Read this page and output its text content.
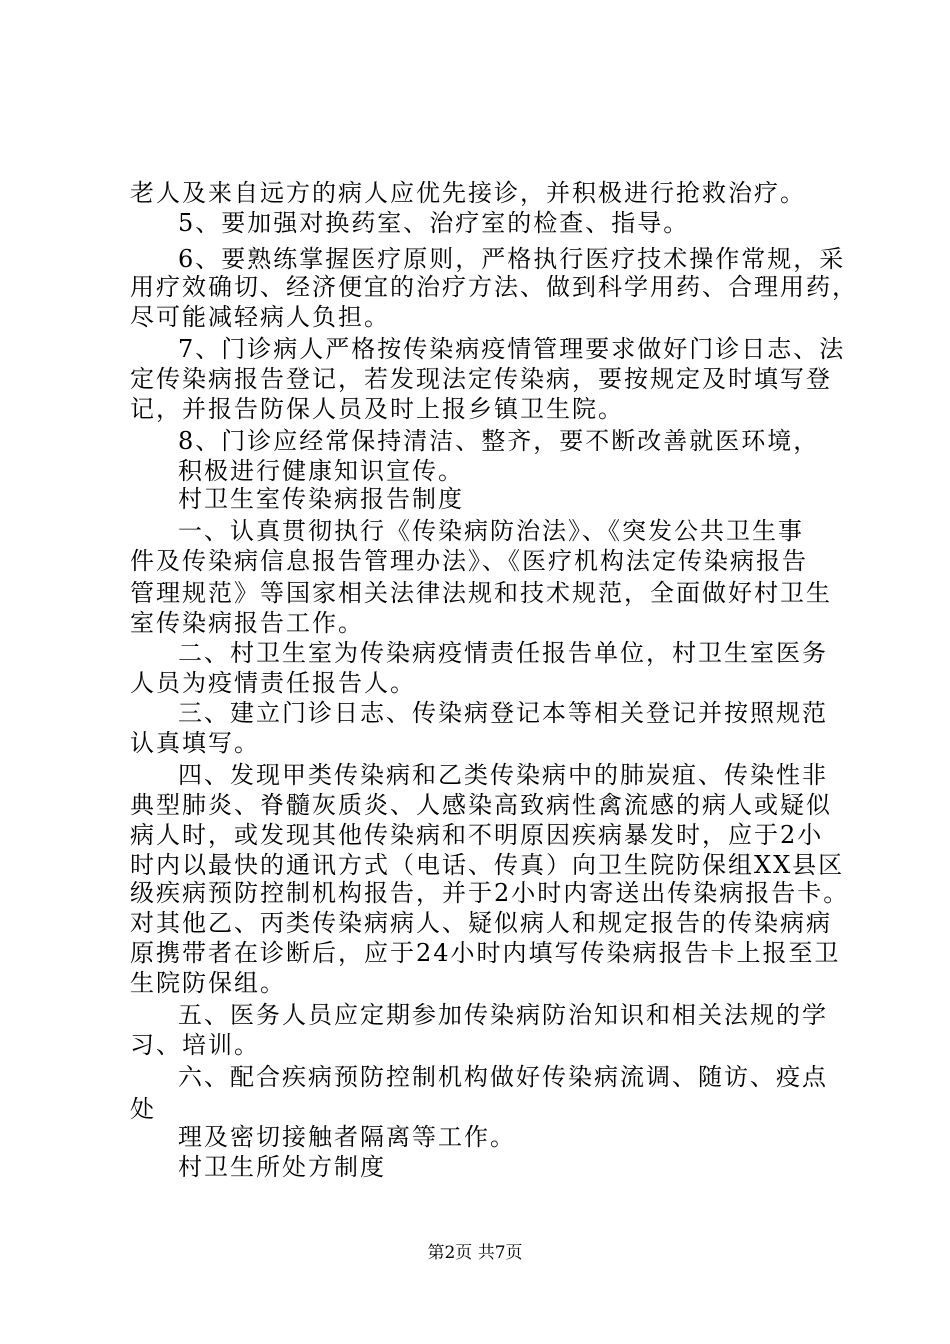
老人及来自远方的病人应优先接诊，并积极进行抢救治疗。
5、要加强对换药室、治疗室的检查、指导。
6、要熟练掌握医疗原则，严格执行医疗技术操作常规，采
用疗效确切、经济便宜的治疗方法、做到科学用药、合理用药，
尽可能减轻病人负担。
7、门诊病人严格按传染病疫情管理要求做好门诊日志、法
定传染病报告登记，若发现法定传染病，要按规定及时填写登
记，并报告防保人员及时上报乡镇卫生院。
8、门诊应经常保持清洁、整齐，要不断改善就医环境，
积极进行健康知识宣传。
村卫生室传染病报告制度
一、认真贯彻执行《传染病防治法》、《突发公共卫生事
件及传染病信息报告管理办法》、《医疗机构法定传染病报告
管理规范》等国家相关法律法规和技术规范，全面做好村卫生
室传染病报告工作。
二、村卫生室为传染病疫情责任报告单位，村卫生室医务
人员为疫情责任报告人。
三、建立门诊日志、传染病登记本等相关登记并按照规范
认真填写。
四、发现甲类传染病和乙类传染病中的肺炭疽、传染性非
典型肺炎、脊髓灰质炎、人感染高致病性禽流感的病人或疑似
病人时，或发现其他传染病和不明原因疾病暴发时，应于2小
时内以最快的通讯方式（电话、传真）向卫生院防保组XX县区
级疾病预防控制机构报告，并于2小时内寄送出传染病报告卡。
对其他乙、丙类传染病病人、疑似病人和规定报告的传染病病
原携带者在诊断后，应于24小时内填写传染病报告卡上报至卫
生院防保组。
五、医务人员应定期参加传染病防治知识和相关法规的学
习、培训。
六、配合疾病预防控制机构做好传染病流调、随访、疫点
处
理及密切接触者隔离等工作。
村卫生所处方制度
第2页 共7页
